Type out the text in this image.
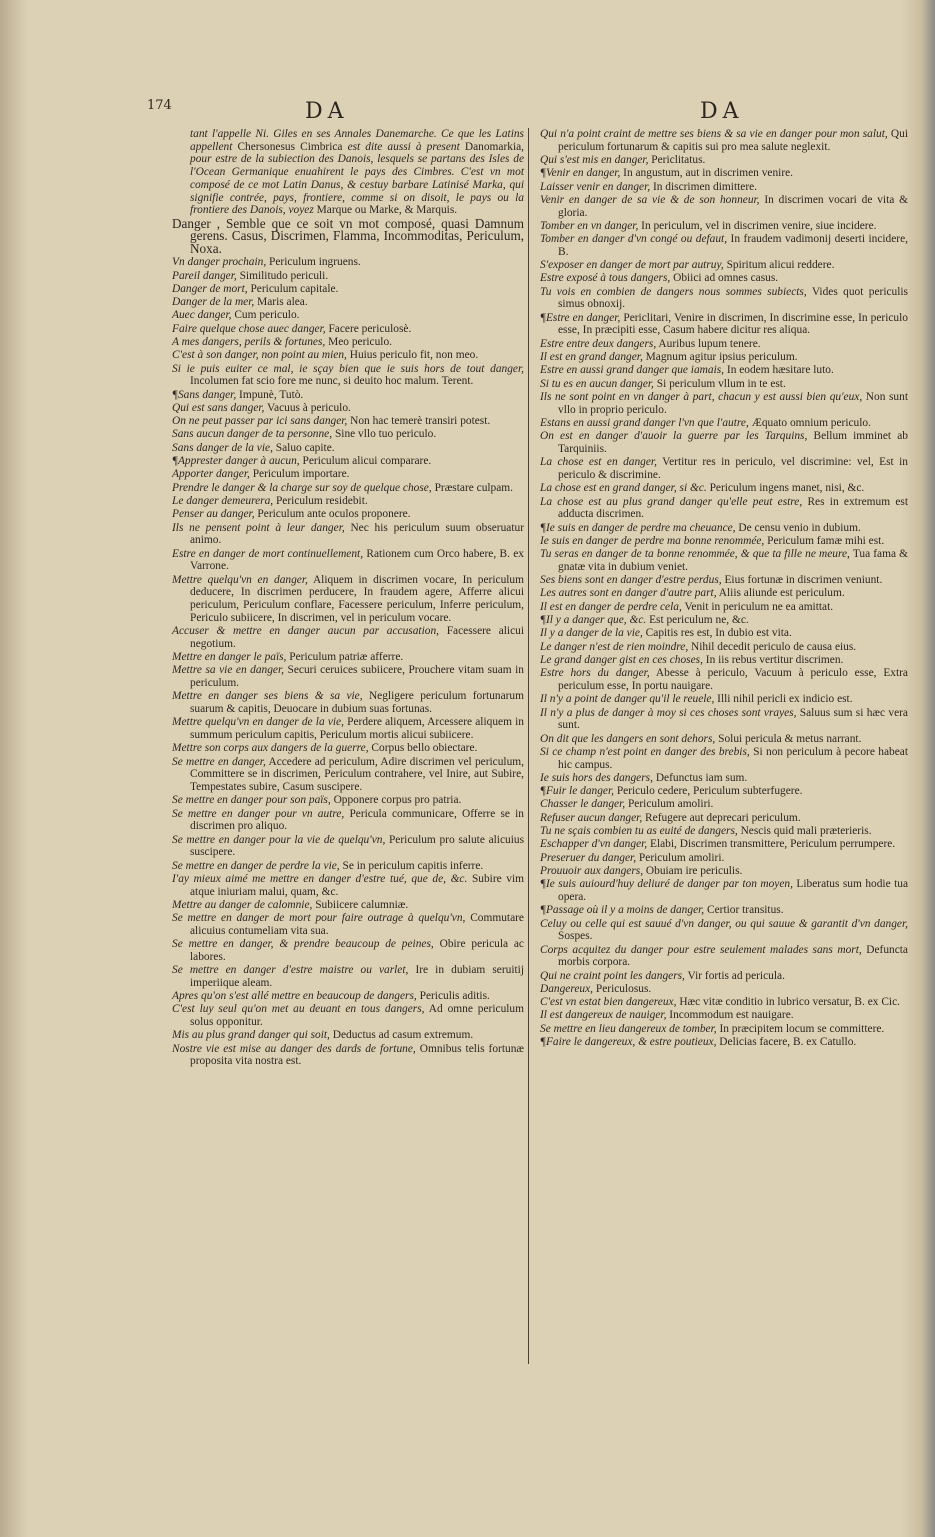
174	DA	DA

tant l'appelle Ni. Giles en ses Annales Danemarche. Ce que les Latins appellent Chersonesus Cimbrica est dite aussi à present Danomarkia, pour estre de la subiection des Danois, lesquels se partans des Isles de l'Ocean Germanique enuahirent le pays des Cimbres. C'est vn mot composé de ce mot Latin Danus, & cestuy barbare Latinisé Marka, qui signifie contrée, pays, frontiere, comme si on disoit, le pays ou la frontiere des Danois, voyez Marque ou Marke, & Marquis.

Danger , Semble que ce soit vn mot composé, quasi Damnum gerens. Casus, Discrimen, Flamma, Incommoditas, Periculum, Noxa.

Vn danger prochain, Periculum ingruens.

Pareil danger, Similitudo periculi.

Danger de mort, Periculum capitale.

Danger de la mer, Maris alea.

Auec danger, Cum periculo.

Faire quelque chose auec danger, Facere periculosè.

A mes dangers, perils & fortunes, Meo periculo.

C'est à son danger, non point au mien, Huius periculo fit, non meo.

Si ie puis euiter ce mal, ie sçay bien que ie suis hors de tout danger, Incolumen fat scio fore me nunc, si deuito hoc malum. Terent.

¶Sans danger, Impunè, Tutò.

Qui est sans danger, Vacuus à periculo.

On ne peut passer par ici sans danger, Non hac temerè transiri potest.

Sans aucun danger de ta personne, Sine vllo tuo periculo.

Sans danger de la vie, Saluo capite.

¶Apprester danger à aucun, Periculum alicui comparare.

Apporter danger, Periculum importare.

Prendre le danger & la charge sur soy de quelque chose, Præstare culpam.

Le danger demeurera, Periculum residebit.

Penser au danger, Periculum ante oculos proponere.

Ils ne pensent point à leur danger, Nec his periculum suum obseruatur animo.

Estre en danger de mort continuellement, Rationem cum Orco habere, B. ex Varrone.

Mettre quelqu'vn en danger, Aliquem in discrimen vocare, In periculum deducere, In discrimen perducere, In fraudem agere, Afferre alicui periculum, Periculum conflare, Facessere periculum, Inferre periculum, Periculo subiicere, In discrimen, vel in periculum vocare.

Accuser & mettre en danger aucun par accusation, Facessere alicui negotium.

Mettre en danger le païs, Periculum patriæ afferre.

Mettre sa vie en danger, Securi ceruices subiicere, Prouchere vitam suam in periculum.

Mettre en danger ses biens & sa vie, Negligere periculum fortunarum suarum & capitis, Deuocare in dubium suas fortunas.

Mettre quelqu'vn en danger de la vie, Perdere aliquem, Arcessere aliquem in summum periculum capitis, Periculum mortis alicui subiicere.

Mettre son corps aux dangers de la guerre, Corpus bello obiectare.

Se mettre en danger, Accedere ad periculum, Adire discrimen vel periculum, Committere se in discrimen, Periculum contrahere, vel Inire, aut Subire, Tempestates subire, Casum suscipere.

Se mettre en danger pour son païs, Opponere corpus pro patria.

Se mettre en danger pour vn autre, Pericula communicare, Offerre se in discrimen pro aliquo.

Se mettre en danger pour la vie de quelqu'vn, Periculum pro salute alicuius suscipere.

Se mettre en danger de perdre la vie, Se in periculum capitis inferre.

I'ay mieux aimé me mettre en danger d'estre tué, que de, &c. Subire vim atque iniuriam malui, quam, &c.

Mettre au danger de calomnie, Subiicere calumniæ.

Se mettre en danger de mort pour faire outrage à quelqu'vn, Commutare alicuius contumeliam vita sua.

Se mettre en danger, & prendre beaucoup de peines, Obire pericula ac labores.

Se mettre en danger d'estre maistre ou varlet, Ire in dubiam seruitij imperiique aleam.

Apres qu'on s'est allé mettre en beaucoup de dangers, Periculis aditis.

C'est luy seul qu'on met au deuant en tous dangers, Ad omne periculum solus opponitur.

Mis au plus grand danger qui soit, Deductus ad casum extremum.

Nostre vie est mise au danger des dards de fortune, Omnibus telis fortunæ proposita vita nostra est.

Qui n'a point craint de mettre ses biens & sa vie en danger pour mon salut, Qui periculum fortunarum & capitis sui pro mea salute neglexit.

Qui s'est mis en danger, Periclitatus.

¶Venir en danger, In angustum, aut in discrimen venire.

Laisser venir en danger, In discrimen dimittere.

Venir en danger de sa vie & de son honneur, In discrimen vocari de vita & gloria.

Tomber en vn danger, In periculum, vel in discrimen venire, siue incidere.

Tomber en danger d'vn congé ou defaut, In fraudem vadimonij deserti incidere, B.

S'exposer en danger de mort par autruy, Spiritum alicui reddere.

Estre exposé à tous dangers, Obiici ad omnes casus.

Tu vois en combien de dangers nous sommes subiects, Vides quot periculis simus obnoxij.

¶Estre en danger, Periclitari, Venire in discrimen, In discrimine esse, In periculo esse, In præcipiti esse, Casum habere dicitur res aliqua.

Estre entre deux dangers, Auribus lupum tenere.

Il est en grand danger, Magnum agitur ipsius periculum.

Estre en aussi grand danger que iamais, In eodem hæsitare luto.

Si tu es en aucun danger, Si periculum vllum in te est.

Ils ne sont point en vn danger à part, chacun y est aussi bien qu'eux, Non sunt vllo in proprio periculo.

Estans en aussi grand danger l'vn que l'autre, Æquato omnium periculo.

On est en danger d'auoir la guerre par les Tarquins, Bellum imminet ab Tarquiniis.

La chose est en danger, Vertitur res in periculo, vel discrimine: vel, Est in periculo & discrimine.

La chose est en grand danger, si &c. Periculum ingens manet, nisi, &c.

La chose est au plus grand danger qu'elle peut estre, Res in extremum est adducta discrimen.

¶Ie suis en danger de perdre ma cheuance, De censu venio in dubium.

Ie suis en danger de perdre ma bonne renommée, Periculum famæ mihi est.

Tu seras en danger de ta bonne renommée, & que ta fille ne meure, Tua fama & gnatæ vita in dubium veniet.

Ses biens sont en danger d'estre perdus, Eius fortunæ in discrimen veniunt.

Les autres sont en danger d'autre part, Aliis aliunde est periculum.

Il est en danger de perdre cela, Venit in periculum ne ea amittat.

¶Il y a danger que, &c. Est periculum ne, &c.

Il y a danger de la vie, Capitis res est, In dubio est vita.

Le danger n'est de rien moindre, Nihil decedit periculo de causa eius.

Le grand danger gist en ces choses, In iis rebus vertitur discrimen.

Estre hors du danger, Abesse à periculo, Vacuum à periculo esse, Extra periculum esse, In portu nauigare.

Il n'y a point de danger qu'il le reuele, Illi nihil pericli ex indicio est.

Il n'y a plus de danger à moy si ces choses sont vrayes, Saluus sum si hæc vera sunt.

On dit que les dangers en sont dehors, Solui pericula & metus narrant.

Si ce champ n'est point en danger des brebis, Si non periculum à pecore habeat hic campus.

Ie suis hors des dangers, Defunctus iam sum.

¶Fuir le danger, Periculo cedere, Periculum subterfugere.

Chasser le danger, Periculum amoliri.

Refuser aucun danger, Refugere aut deprecari periculum.

Tu ne sçais combien tu as euité de dangers, Nescis quid mali præterieris.

Eschapper d'vn danger, Elabi, Discrimen transmittere, Periculum perrumpere.

Preseruer du danger, Periculum amoliri.

Prouuoir aux dangers, Obuiam ire periculis.

¶Ie suis auiourd'huy deliuré de danger par ton moyen, Liberatus sum hodie tua opera.

¶Passage où il y a moins de danger, Certior transitus.

Celuy ou celle qui est sauué d'vn danger, ou qui sauue & garantit d'vn danger, Sospes.

Corps acquitez du danger pour estre seulement malades sans mort, Defuncta morbis corpora.

Qui ne craint point les dangers, Vir fortis ad pericula.

Dangereux, Periculosus.

C'est vn estat bien dangereux, Hæc vitæ conditio in lubrico versatur, B. ex Cic.

Il est dangereux de nauiger, Incommodum est nauigare.

Se mettre en lieu dangereux de tomber, In præcipitem locum se committere.

¶Faire le dangereux, & estre poutieux, Delicias facere, B. ex Catullo.
